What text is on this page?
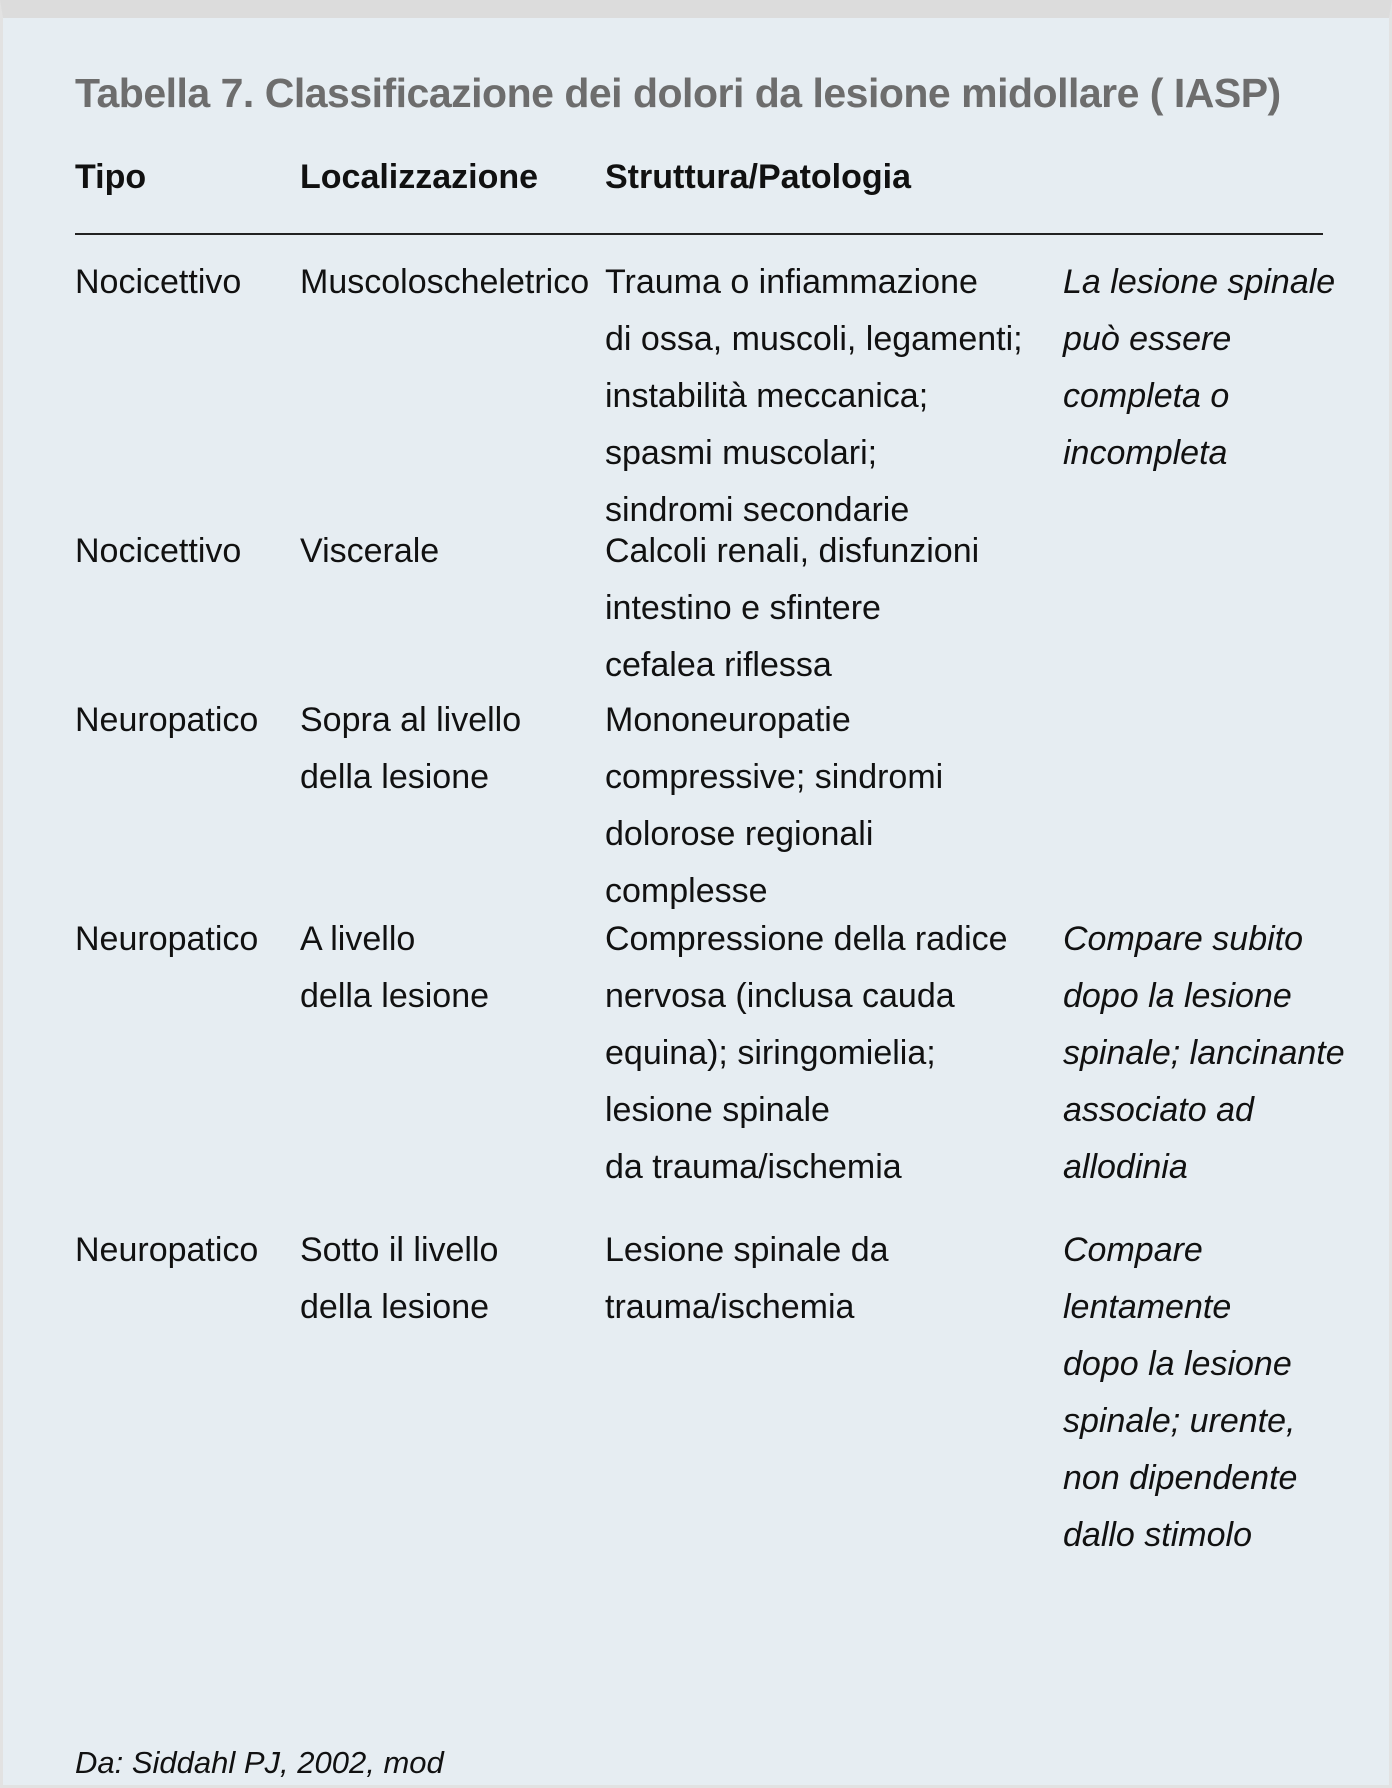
Tabella 7. Classificazione dei dolori da lesione midollare ( IASP)
Tipo	Localizzazione Struttura/Patologia
Nocicettivo Muscoloscheletrico Trauma o infiammazione
di ossa, muscoli, legamenti;
instabilità meccanica;
spasmi muscolari;
sindromi secondarie
La lesione spinale
può essere
completa o
incompleta
Nocicettivo Viscerale	Calcoli renali, disfunzioni
intestino e sfintere
cefalea riflessa
Neuropatico Sopra al livello
della lesione
Mononeuropatie
compressive; sindromi
dolorose regionali
complesse
Neuropatico A livello
della lesione
Compressione della radice
nervosa (inclusa cauda
equina); siringomielia;
lesione spinale
da trauma/ischemia
Compare subito
dopo la lesione
spinale; lancinante
associato ad
allodinia
Neuropatico Sotto il livello
della lesione
Lesione spinale da
trauma/ischemia
Compare
lentamente
dopo la lesione
spinale; urente,
non dipendente
dallo stimolo
Da: Siddahl PJ, 2002, mod
